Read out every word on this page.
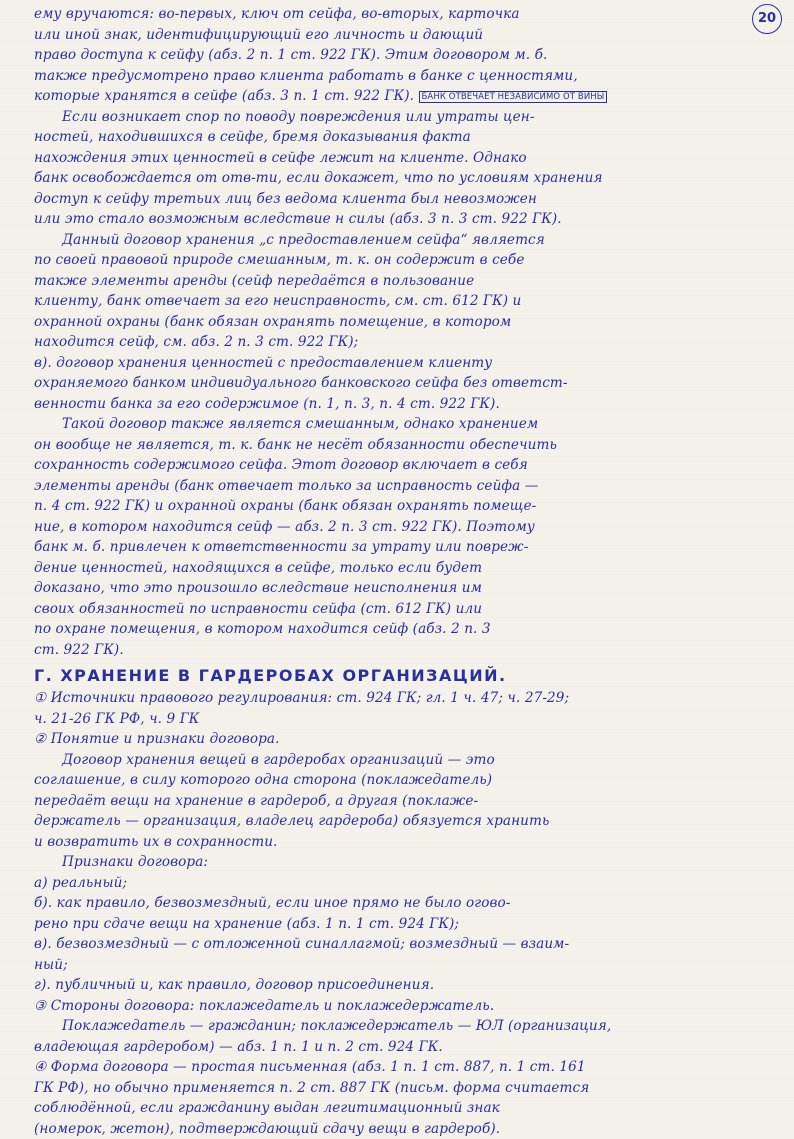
20
ему вручаются: во-первых, ключ от сейфа, во-вторых, карточка
или иной знак, идентифицирующий его личность и дающий
право доступа к сейфу (абз. 2 п. 1 ст. 922 ГК). Этим договором м. б.
также предусмотрено право клиента работать в банке с ценностями,
которые хранятся в сейфе (абз. 3 п. 1 ст. 922 ГК). БАНК ОТВЕЧАЕТ НЕЗАВИСИМО ОТ ВИНЫ
Если возникает спор по поводу повреждения или утраты цен-
ностей, находившихся в сейфе, бремя доказывания факта
нахождения этих ценностей в сейфе лежит на клиенте. Однако
банк освобождается от отв-ти, если докажет, что по условиям хранения
доступ к сейфу третьих лиц без ведома клиента был невозможен
или это стало возможным вследствие н силы (абз. 3 п. 3 ст. 922 ГК).
Данный договор хранения „с предоставлением сейфа“ является
по своей правовой природе смешанным, т. к. он содержит в себе
также элементы аренды (сейф передаётся в пользование
клиенту, банк отвечает за его неисправность, см. ст. 612 ГК) и
охранной охраны (банк обязан охранять помещение, в котором
находится сейф, см. абз. 2 п. 3 ст. 922 ГК);
в). договор хранения ценностей с предоставлением клиенту
охраняемого банком индивидуального банковского сейфа без ответст-
венности банка за его содержимое (п. 1, п. 3, п. 4 ст. 922 ГК).
Такой договор также является смешанным, однако хранением
он вообще не является, т. к. банк не несёт обязанности обеспечить
сохранность содержимого сейфа. Этот договор включает в себя
элементы аренды (банк отвечает только за исправность сейфа —
п. 4 ст. 922 ГК) и охранной охраны (банк обязан охранять помеще-
ние, в котором находится сейф — абз. 2 п. 3 ст. 922 ГК). Поэтому
банк м. б. привлечен к ответственности за утрату или повреж-
дение ценностей, находящихся в сейфе, только если будет
доказано, что это произошло вследствие неисполнения им
своих обязанностей по исправности сейфа (ст. 612 ГК) или
по охране помещения, в котором находится сейф (абз. 2 п. 3
ст. 922 ГК).
Г. ХРАНЕНИЕ В ГАРДЕРОБАХ ОРГАНИЗАЦИЙ.
① Источники правового регулирования: ст. 924 ГК; гл. 1 ч. 47; ч. 27-29;
ч. 21-26 ГК РФ, ч. 9 ГК
② Понятие и признаки договора.
Договор хранения вещей в гардеробах организаций — это
соглашение, в силу которого одна сторона (поклажедатель)
передаёт вещи на хранение в гардероб, а другая (поклаже-
держатель — организация, владелец гардероба) обязуется хранить
и возвратить их в сохранности.
Признаки договора:
а) реальный;
б). как правило, безвозмездный, если иное прямо не было огово-
рено при сдаче вещи на хранение (абз. 1 п. 1 ст. 924 ГК);
в). безвозмездный — с отложенной синаллагмой; возмездный — взаим-
ный;
г). публичный и, как правило, договор присоединения.
③ Стороны договора: поклажедатель и поклажедержатель.
Поклажедатель — гражданин; поклажедержатель — ЮЛ (организация,
владеющая гардеробом) — абз. 1 п. 1 и п. 2 ст. 924 ГК.
④ Форма договора — простая письменная (абз. 1 п. 1 ст. 887, п. 1 ст. 161
ГК РФ), но обычно применяется п. 2 ст. 887 ГК (письм. форма считается
соблюдённой, если гражданину выдан легитимационный знак
(номерок, жетон), подтверждающий сдачу вещи в гардероб).
